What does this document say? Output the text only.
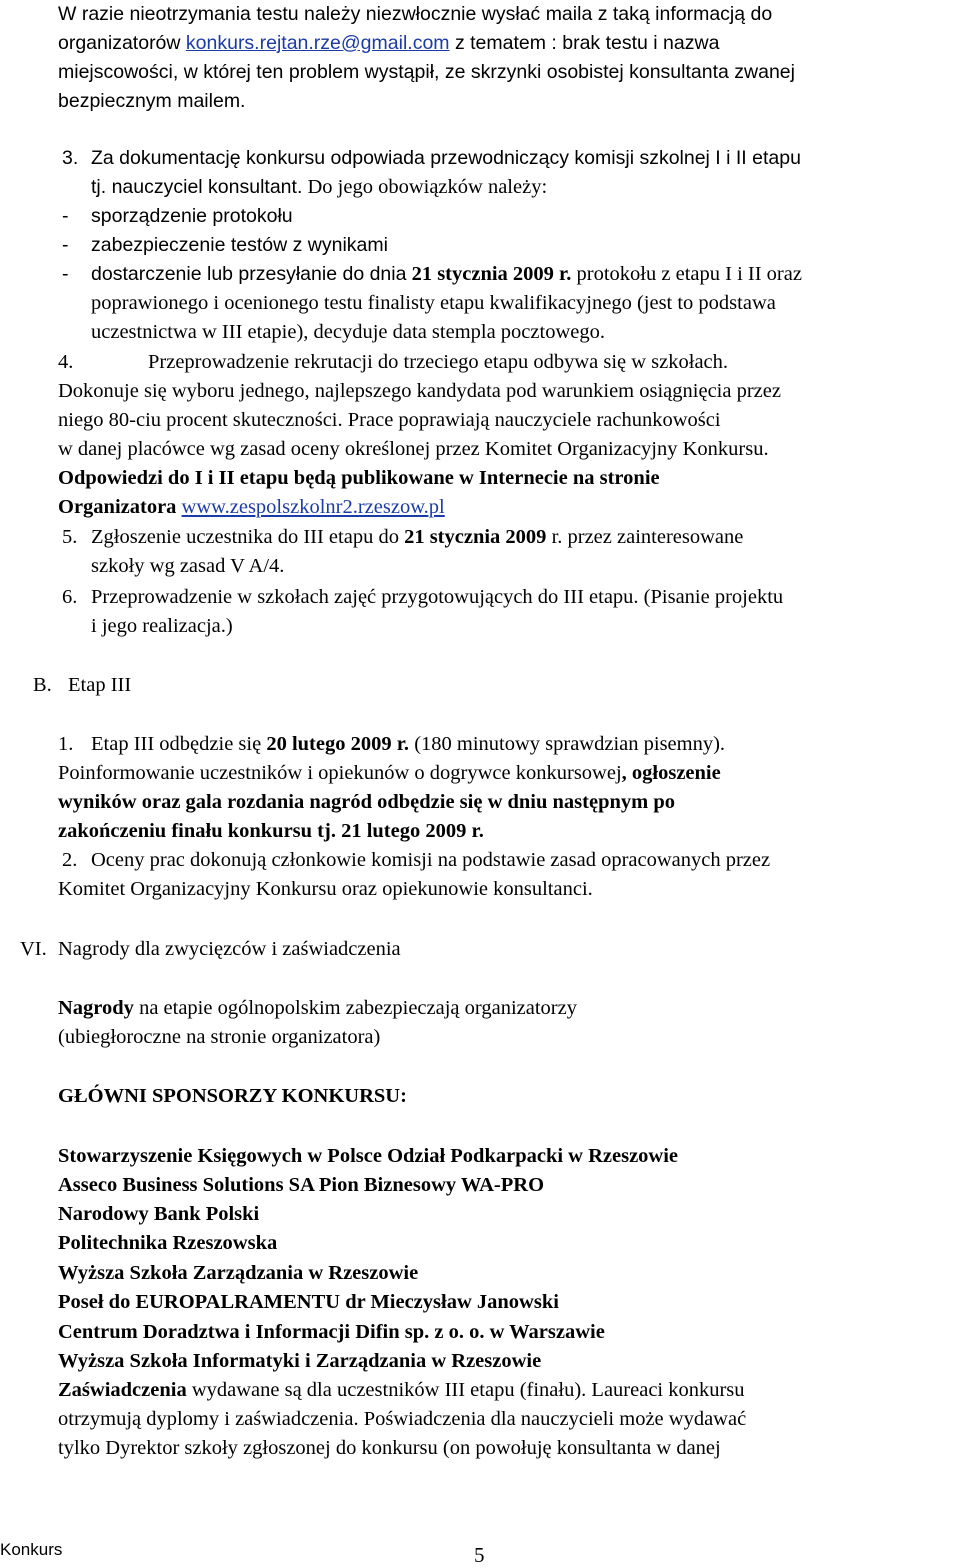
W razie nieotrzymania testu należy niezwłocznie wysłać maila z taką informacją do
organizatorów konkurs.rejtan.rze@gmail.com z tematem : brak testu i nazwa
miejscowości, w której ten problem wystąpił, ze skrzynki osobistej konsultanta zwanej
bezpiecznym mailem.
3. Za dokumentację konkursu odpowiada przewodniczący komisji szkolnej I i II etapu
tj. nauczyciel konsultant. Do jego obowiązków należy:
- sporządzenie protokołu
- zabezpieczenie testów z wynikami
- dostarczenie lub przesyłanie do dnia 21 stycznia 2009 r. protokołu z etapu I i II oraz
poprawionego i ocenionego testu finalisty etapu kwalifikacyjnego (jest to podstawa
uczestnictwa w III etapie), decyduje data stempla pocztowego.
4.	Przeprowadzenie rekrutacji do trzeciego etapu odbywa się w szkołach.
Dokonuje się wyboru jednego, najlepszego kandydata pod warunkiem osiągnięcia przez
niego 80-ciu procent skuteczności. Prace poprawiają nauczyciele rachunkowości
w danej placówce wg zasad oceny określonej przez Komitet Organizacyjny Konkursu.
Odpowiedzi do I i II etapu będą publikowane w Internecie na stronie
Organizatora www.zespolszkolnr2.rzeszow.pl
5. Zgłoszenie uczestnika do III etapu do 21 stycznia 2009 r. przez zainteresowane
szkoły wg zasad V A/4.
6. Przeprowadzenie w szkołach zajęć przygotowujących do III etapu. (Pisanie projektu
i jego realizacja.)
B. Etap III
1. Etap III odbędzie się 20 lutego 2009 r. (180 minutowy sprawdzian pisemny).
Poinformowanie uczestników i opiekunów o dogrywce konkursowej, ogłoszenie
wyników oraz gala rozdania nagród odbędzie się w dniu następnym po
zakończeniu finału konkursu tj. 21 lutego 2009 r.
2. Oceny prac dokonują członkowie komisji na podstawie zasad opracowanych przez
Komitet Organizacyjny Konkursu oraz opiekunowie konsultanci.
VI. Nagrody dla zwycięzców i zaświadczenia
Nagrody na etapie ogólnopolskim zabezpieczają organizatorzy
(ubiegłoroczne na stronie organizatora)
GŁÓWNI SPONSORZY KONKURSU:
Stowarzyszenie Księgowych w Polsce Odział Podkarpacki w Rzeszowie
Asseco Business Solutions SA Pion Biznesowy WA-PRO
Narodowy Bank Polski
Politechnika Rzeszowska
Wyższa Szkoła Zarządzania w Rzeszowie
Poseł do EUROPALRAMENTU dr Mieczysław Janowski
Centrum Doradztwa i Informacji Difin sp. z o. o. w Warszawie
Wyższa Szkoła Informatyki i Zarządzania w Rzeszowie
Zaświadczenia wydawane są dla uczestników III etapu (finału). Laureaci konkursu
otrzymują dyplomy i zaświadczenia. Poświadczenia dla nauczycieli może wydawać
tylko Dyrektor szkoły zgłoszonej do konkursu (on powołuję konsultanta w danej
Konkurs	5
